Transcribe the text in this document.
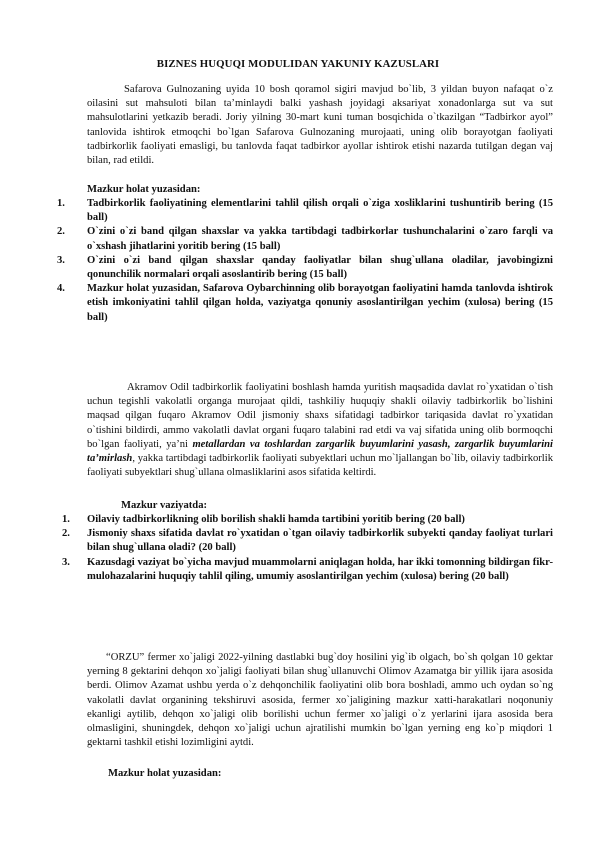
BIZNES HUQUQI MODULIDAN YAKUNIY KAZUSLARI

Safarova Gulnozaning uyida 10 bosh qoramol sigiri mavjud bo`lib, 3 yildan buyon nafaqat o`z oilasini sut mahsuloti bilan ta’minlaydi balki yashash joyidagi aksariyat xonadonlarga sut va sut mahsulotlarini yetkazib beradi. Joriy yilning 30-mart kuni tuman bosqichida o`tkazilgan “Tadbirkor ayol” tanlovida ishtirok etmoqchi bo`lgan Safarova Gulnozaning murojaati, uning olib borayotgan faoliyati tadbirkorlik faoliyati emasligi, bu tanlovda faqat tadbirkor ayollar ishtirok etishi nazarda tutilgan degan vaj bilan, rad etildi.

Mazkur holat yuzasidan:

1. Tadbirkorlik faoliyatining elementlarini tahlil qilish orqali o`ziga xosliklarini tushuntirib bering (15 ball)
2. O`zini o`zi band qilgan shaxslar va yakka tartibdagi tadbirkorlar tushunchalarini o`zaro farqli va o`xshash jihatlarini yoritib bering (15 ball)
3. O`zini o`zi band qilgan shaxslar qanday faoliyatlar bilan shug`ullana oladilar, javobingizni qonunchilik normalari orqali asoslantirib bering (15 ball)
4. Mazkur holat yuzasidan, Safarova Oybarchinning olib borayotgan faoliyatini hamda tanlovda ishtirok etish imkoniyatini tahlil qilgan holda, vaziyatga qonuniy asoslantirilgan yechim (xulosa) bering (15 ball)

Akramov Odil tadbirkorlik faoliyatini boshlash hamda yuritish maqsadida davlat ro`yxatidan o`tish uchun tegishli vakolatli organga murojaat qildi, tashkiliy huquqiy shakli oilaviy tadbirkorlik bo`lishini maqsad qilgan fuqaro Akramov Odil jismoniy shaxs sifatidagi tadbirkor tariqasida davlat ro`yxatidan o`tishini bildirdi, ammo vakolatli davlat organi fuqaro talabini rad etdi va vaj sifatida uning olib bormoqchi bo`lgan faoliyati, ya’ni metallardan va toshlardan zargarlik buyumlarini yasash, zargarlik buyumlarini ta’mirlash, yakka tartibdagi tadbirkorlik faoliyati subyektlari uchun mo`ljallangan bo`lib, oilaviy tadbirkorlik faoliyati subyektlari shug`ullana olmasliklarini asos sifatida keltirdi.

Mazkur vaziyatda:

1. Oilaviy tadbirkorlikning olib borilish shakli hamda tartibini yoritib bering (20 ball)
2. Jismoniy shaxs sifatida davlat ro`yxatidan o`tgan oilaviy tadbirkorlik subyekti qanday faoliyat turlari bilan shug`ullana oladi? (20 ball)
3. Kazusdagi vaziyat bo`yicha mavjud muammolarni aniqlagan holda, har ikki tomonning bildirgan fikr-mulohazalarini huquqiy tahlil qiling, umumiy asoslantirilgan yechim (xulosa) bering (20 ball)

“ORZU” fermer xo`jaligi 2022-yilning dastlabki bug`doy hosilini yig`ib olgach, bo`sh qolgan 10 gektar yerning 8 gektarini dehqon xo`jaligi faoliyati bilan shug`ullanuvchi Olimov Azamatga bir yillik ijara asosida berdi. Olimov Azamat ushbu yerda o`z dehqonchilik faoliyatini olib bora boshladi, ammo uch oydan so`ng vakolatli davlat organining tekshiruvi asosida, fermer xo`jaligining mazkur xatti-harakatlari noqonuniy ekanligi aytilib, dehqon xo`jaligi olib borilishi uchun fermer xo`jaligi o`z yerlarini ijara asosida bera olmasligini, shuningdek, dehqon xo`jaligi uchun ajratilishi mumkin bo`lgan yerning eng ko`p miqdori 1 gektarni tashkil etishi lozimligini aytdi.

Mazkur holat yuzasidan:
